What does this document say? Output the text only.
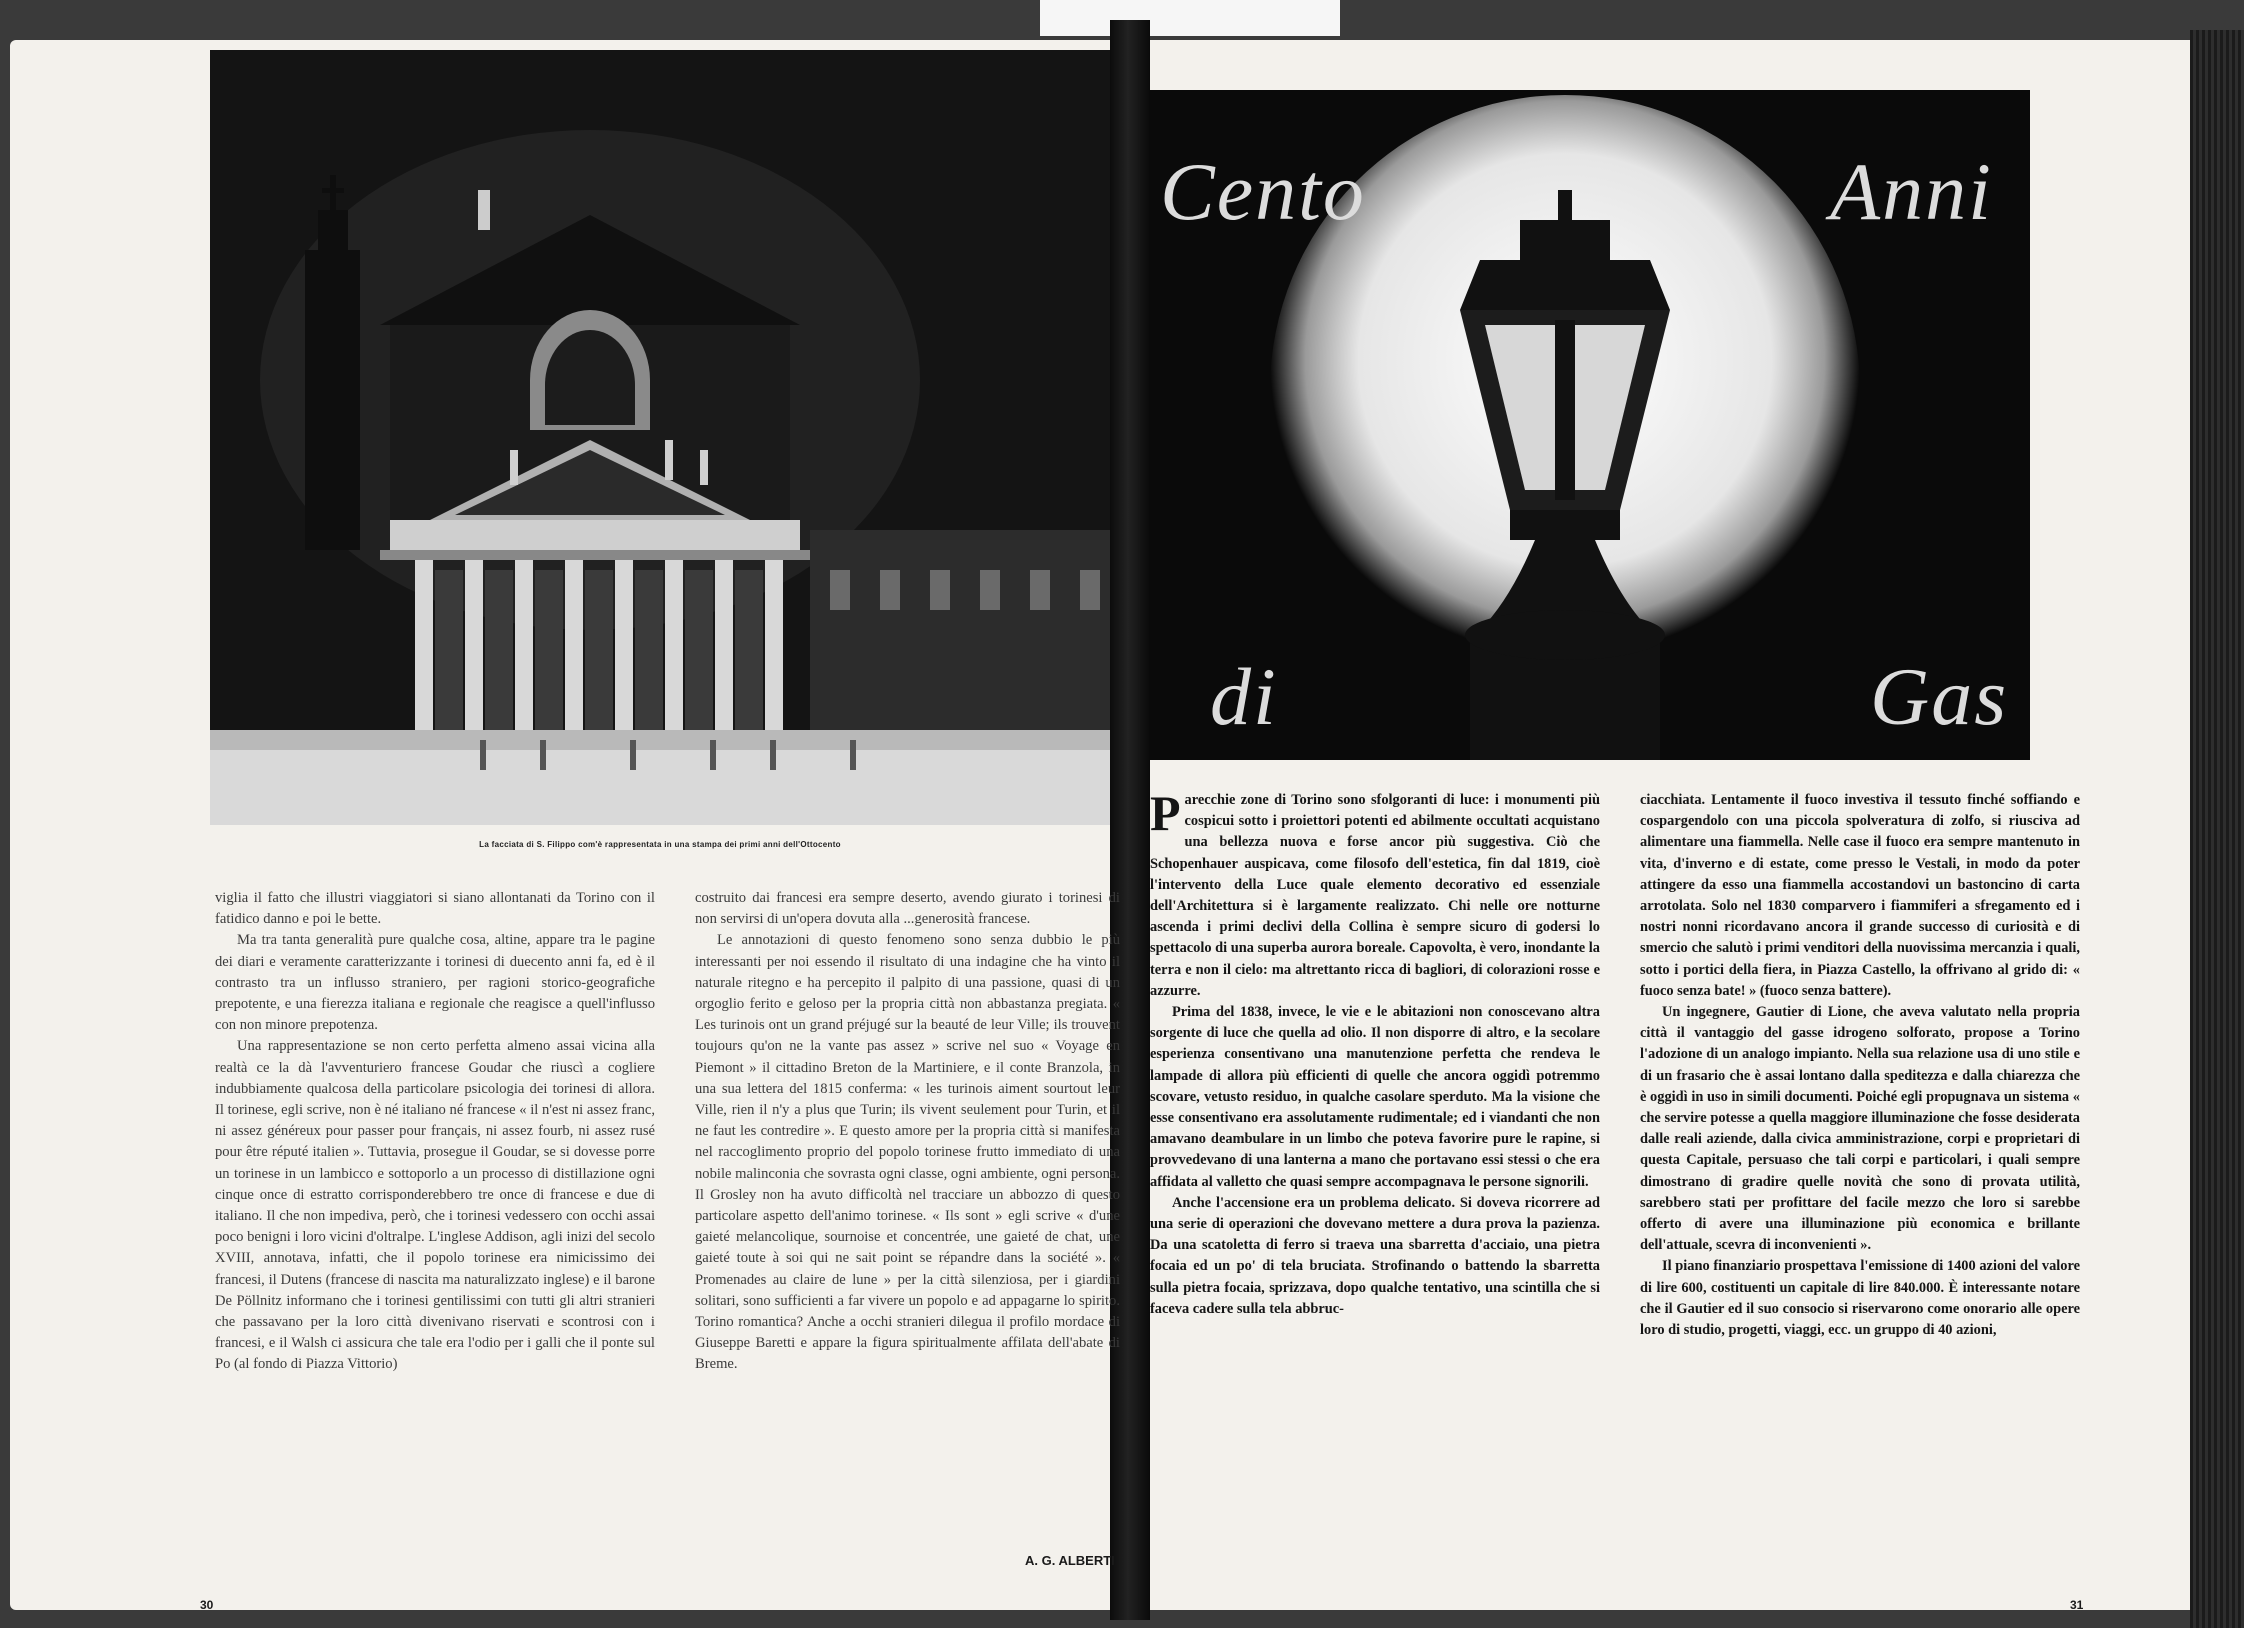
La facciata di S. Filippo com'è rappresentata in una stampa dei primi anni dell'Ottocento
Cento	Anni
di	Gas

viglia il fatto che illustri viaggiatori si siano allontanati da Torino con il fatidico danno e poi le bette.

Ma tra tanta generalità pure qualche cosa, altine, appare tra le pagine dei diari e veramente caratterizzante i torinesi di duecento anni fa, ed è il contrasto tra un influsso straniero, per ragioni storico-geografiche prepotente, e una fierezza italiana e regionale che reagisce a quell'influsso con non minore prepotenza.

Una rappresentazione se non certo perfetta almeno assai vicina alla realtà ce la dà l'avventuriero francese Goudar che riuscì a cogliere indubbiamente qualcosa della particolare psicologia dei torinesi di allora. Il torinese, egli scrive, non è né italiano né francese « il n'est ni assez franc, ni assez généreux pour passer pour français, ni assez fourb, ni assez rusé pour être réputé italien ». Tuttavia, prosegue il Goudar, se si dovesse porre un torinese in un lambicco e sottoporlo a un processo di distillazione ogni cinque once di estratto corrisponderebbero tre once di francese e due di italiano. Il che non impediva, però, che i torinesi vedessero con occhi assai poco benigni i loro vicini d'oltralpe. L'inglese Addison, agli inizi del secolo XVIII, annotava, infatti, che il popolo torinese era nimicissimo dei francesi, il Dutens (francese di nascita ma naturalizzato inglese) e il barone De Pöllnitz informano che i torinesi gentilissimi con tutti gli altri stranieri che passavano per la loro città divenivano riservati e scontrosi con i francesi, e il Walsh ci assicura che tale era l'odio per i galli che il ponte sul Po (al fondo di Piazza Vittorio)

costruito dai francesi era sempre deserto, avendo giurato i torinesi di non servirsi di un'opera dovuta alla ...generosità francese.

Le annotazioni di questo fenomeno sono senza dubbio le più interessanti per noi essendo il risultato di una indagine che ha vinto il naturale ritegno e ha percepito il palpito di una passione, quasi di un orgoglio ferito e geloso per la propria città non abbastanza pregiata. « Les turinois ont un grand préjugé sur la beauté de leur Ville; ils trouvent toujours qu'on ne la vante pas assez » scrive nel suo « Voyage en Piemont » il cittadino Breton de la Martiniere, e il conte Branzola, in una sua lettera del 1815 conferma: « les turinois aiment sourtout leur Ville, rien il n'y a plus que Turin; ils vivent seulement pour Turin, et il ne faut les contredire ». E questo amore per la propria città si manifesta nel raccoglimento proprio del popolo torinese frutto immediato di una nobile malinconia che sovrasta ogni classe, ogni ambiente, ogni persona. Il Grosley non ha avuto difficoltà nel tracciare un abbozzo di questo particolare aspetto dell'animo torinese. « Ils sont » egli scrive « d'une gaieté melancolique, sournoise et concentrée, une gaieté de chat, une gaieté toute à soi qui ne sait point se répandre dans la société ». « Promenades au claire de lune » per la città silenziosa, per i giardini solitari, sono sufficienti a far vivere un popolo e ad appagarne lo spirito. Torino romantica? Anche a occhi stranieri dilegua il profilo mordace di Giuseppe Baretti e appare la figura spiritualmente affilata dell'abate di Breme.

A. G. ALBERTI

Parecchie zone di Torino sono sfolgoranti di luce: i monumenti più cospicui sotto i proiettori potenti ed abilmente occultati acquistano una bellezza nuova e forse ancor più suggestiva. Ciò che Schopenhauer auspicava, come filosofo dell'estetica, fin dal 1819, cioè l'intervento della Luce quale elemento decorativo ed essenziale dell'Architettura si è largamente realizzato. Chi nelle ore notturne ascenda i primi declivi della Collina è sempre sicuro di godersi lo spettacolo di una superba aurora boreale. Capovolta, è vero, inondante la terra e non il cielo: ma altrettanto ricca di bagliori, di colorazioni rosse e azzurre.

Prima del 1838, invece, le vie e le abitazioni non conoscevano altra sorgente di luce che quella ad olio. Il non disporre di altro, e la secolare esperienza consentivano una manutenzione perfetta che rendeva le lampade di allora più efficienti di quelle che ancora oggidì potremmo scovare, vetusto residuo, in qualche casolare sperduto. Ma la visione che esse consentivano era assolutamente rudimentale; ed i viandanti che non amavano deambulare in un limbo che poteva favorire pure le rapine, si provvedevano di una lanterna a mano che portavano essi stessi o che era affidata al valletto che quasi sempre accompagnava le persone signorili.

Anche l'accensione era un problema delicato. Si doveva ricorrere ad una serie di operazioni che dovevano mettere a dura prova la pazienza. Da una scatoletta di ferro si traeva una sbarretta d'acciaio, una pietra focaia ed un po' di tela bruciata. Strofinando o battendo la sbarretta sulla pietra focaia, sprizzava, dopo qualche tentativo, una scintilla che si faceva cadere sulla tela abbruc-

ciacchiata. Lentamente il fuoco investiva il tessuto finché soffiando e cospargendolo con una piccola spolveratura di zolfo, si riusciva ad alimentare una fiammella. Nelle case il fuoco era sempre mantenuto in vita, d'inverno e di estate, come presso le Vestali, in modo da poter attingere da esso una fiammella accostandovi un bastoncino di carta arrotolata. Solo nel 1830 comparvero i fiammiferi a sfregamento ed i nostri nonni ricordavano ancora il grande successo di curiosità e di smercio che salutò i primi venditori della nuovissima mercanzia i quali, sotto i portici della fiera, in Piazza Castello, la offrivano al grido di: « fuoco senza bate! » (fuoco senza battere).

Un ingegnere, Gautier di Lione, che aveva valutato nella propria città il vantaggio del gasse idrogeno solforato, propose a Torino l'adozione di un analogo impianto. Nella sua relazione usa di uno stile e di un frasario che è assai lontano dalla speditezza e dalla chiarezza che è oggidì in uso in simili documenti. Poiché egli propugnava un sistema « che servire potesse a quella maggiore illuminazione che fosse desiderata dalle reali aziende, dalla civica amministrazione, corpi e proprietari di questa Capitale, persuaso che tali corpi e particolari, i quali sempre dimostrano di gradire quelle novità che sono di provata utilità, sarebbero stati per profittare del facile mezzo che loro si sarebbe offerto di avere una illuminazione più economica e brillante dell'attuale, scevra di inconvenienti ».

Il piano finanziario prospettava l'emissione di 1400 azioni del valore di lire 600, costituenti un capitale di lire 840.000. È interessante notare che il Gautier ed il suo consocio si riservarono come onorario alle opere loro di studio, progetti, viaggi, ecc. un gruppo di 40 azioni,

30	31
